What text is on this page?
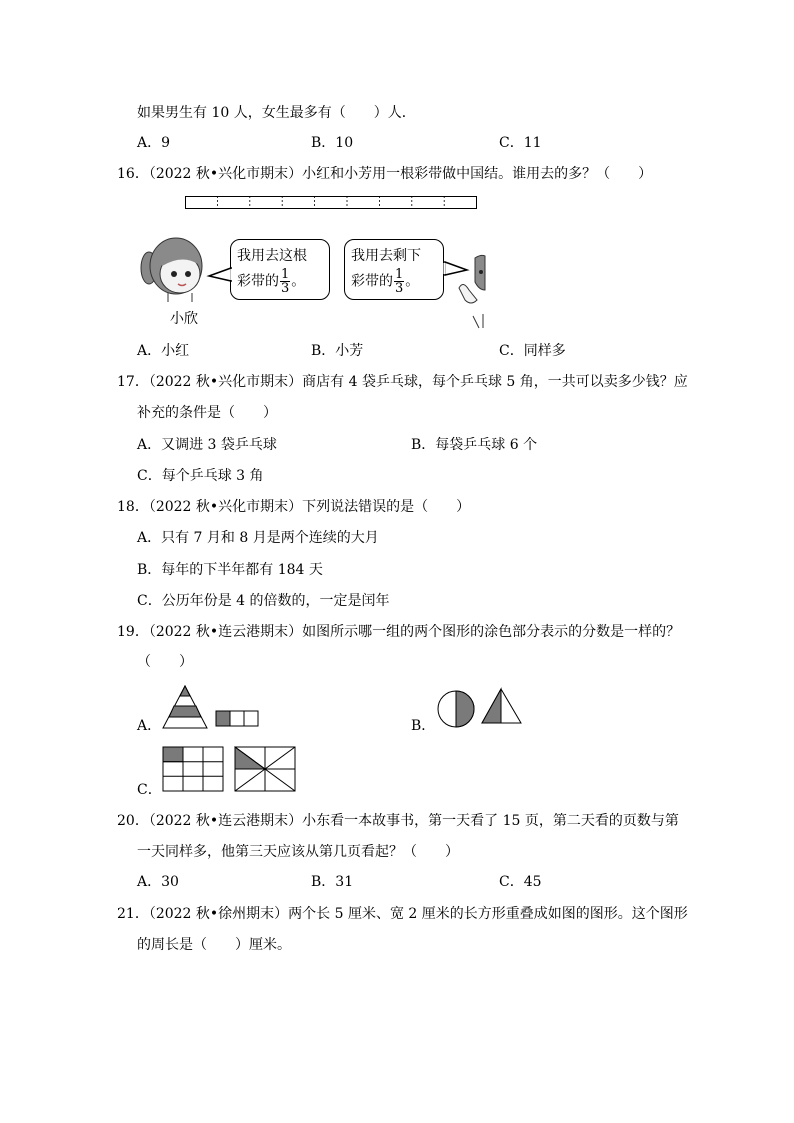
如果男生有 10 人，女生最多有（　　）人．
A．9	B．10	C．11
16．（2022 秋•兴化市期末）小红和小芳用一根彩带做中国结。谁用去的多？（　　）
小欣
我用去这根
彩带的 $\frac{1}{3}$ 。
我用去剩下
彩带的 $\frac{1}{3}$ 。
A．小红	B．小芳	C．同样多
17．（2022 秋•兴化市期末）商店有 4 袋乒乓球，每个乒乓球 5 角，一共可以卖多少钱？应
补充的条件是（　　）
A．又调进 3 袋乒乓球	B．每袋乒乓球 6 个
C．每个乒乓球 3 角
18．（2022 秋•兴化市期末）下列说法错误的是（　　）
A．只有 7 月和 8 月是两个连续的大月
B．每年的下半年都有 184 天
C．公历年份是 4 的倍数的，一定是闰年
19．（2022 秋•连云港期末）如图所示哪一组的两个图形的涂色部分表示的分数是一样的？
（　　）
A．	B．
C．
20．（2022 秋•连云港期末）小东看一本故事书，第一天看了 15 页，第二天看的页数与第
一天同样多，他第三天应该从第几页看起？（　　）
A．30	B．31	C．45
21．（2022 秋•徐州期末）两个长 5 厘米、宽 2 厘米的长方形重叠成如图的图形。这个图形
的周长是（　　）厘米。
